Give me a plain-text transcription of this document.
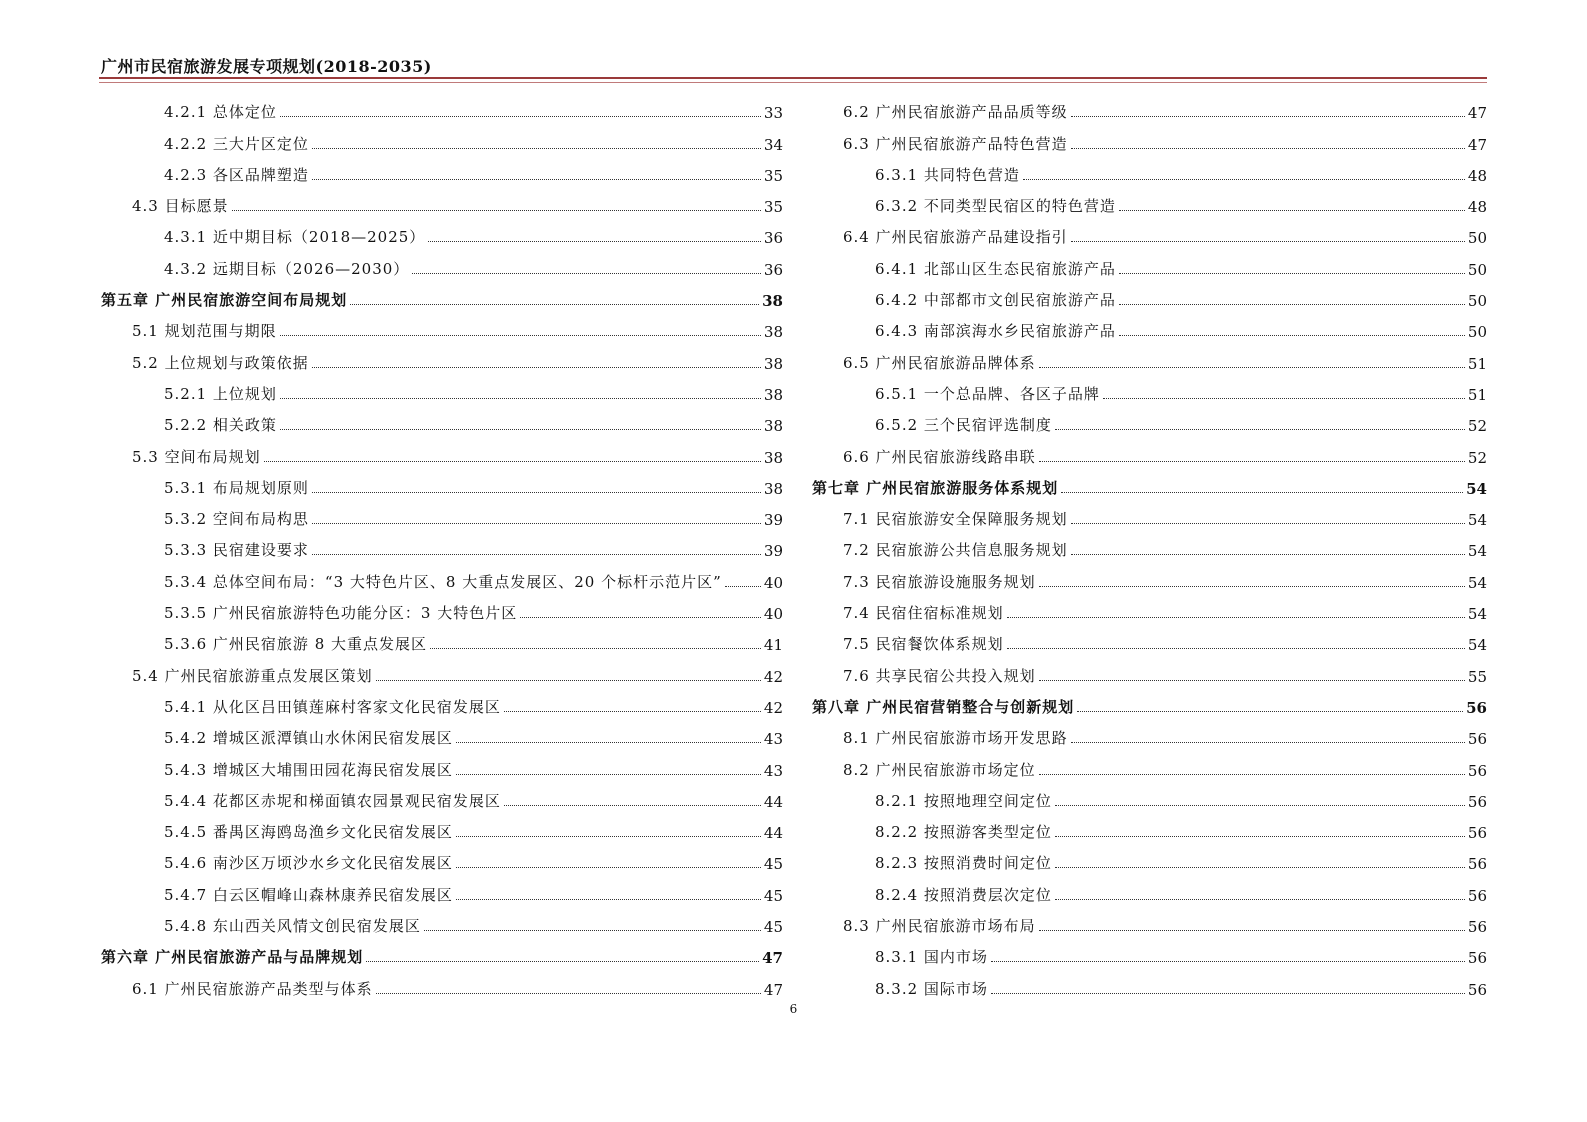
广州市民宿旅游发展专项规划(2018-2035)
4.2.1 总体定位	33
4.2.2 三大片区定位	34
4.2.3 各区品牌塑造	35
4.3 目标愿景	35
4.3.1 近中期目标（2018—2025）	36
4.3.2 远期目标（2026—2030）	36
第五章 广州民宿旅游空间布局规划	38
5.1 规划范围与期限	38
5.2 上位规划与政策依据	38
5.2.1 上位规划	38
5.2.2 相关政策	38
5.3 空间布局规划	38
5.3.1 布局规划原则	38
5.3.2 空间布局构思	39
5.3.3 民宿建设要求	39
5.3.4 总体空间布局：“3 大特色片区、8 大重点发展区、20 个标杆示范片区”	40
5.3.5 广州民宿旅游特色功能分区：3 大特色片区	40
5.3.6 广州民宿旅游 8 大重点发展区	41
5.4 广州民宿旅游重点发展区策划	42
5.4.1 从化区吕田镇莲麻村客家文化民宿发展区	42
5.4.2 增城区派潭镇山水休闲民宿发展区	43
5.4.3 增城区大埔围田园花海民宿发展区	43
5.4.4 花都区赤坭和梯面镇农园景观民宿发展区	44
5.4.5 番禺区海鸥岛渔乡文化民宿发展区	44
5.4.6 南沙区万顷沙水乡文化民宿发展区	45
5.4.7 白云区帽峰山森林康养民宿发展区	45
5.4.8 东山西关风情文创民宿发展区	45
第六章 广州民宿旅游产品与品牌规划	47
6.1 广州民宿旅游产品类型与体系	47
6.2 广州民宿旅游产品品质等级	47
6.3 广州民宿旅游产品特色营造	47
6.3.1 共同特色营造	48
6.3.2 不同类型民宿区的特色营造	48
6.4 广州民宿旅游产品建设指引	50
6.4.1 北部山区生态民宿旅游产品	50
6.4.2 中部都市文创民宿旅游产品	50
6.4.3 南部滨海水乡民宿旅游产品	50
6.5 广州民宿旅游品牌体系	51
6.5.1 一个总品牌、各区子品牌	51
6.5.2 三个民宿评选制度	52
6.6 广州民宿旅游线路串联	52
第七章 广州民宿旅游服务体系规划	54
7.1 民宿旅游安全保障服务规划	54
7.2 民宿旅游公共信息服务规划	54
7.3 民宿旅游设施服务规划	54
7.4 民宿住宿标准规划	54
7.5 民宿餐饮体系规划	54
7.6 共享民宿公共投入规划	55
第八章 广州民宿营销整合与创新规划	56
8.1 广州民宿旅游市场开发思路	56
8.2 广州民宿旅游市场定位	56
8.2.1 按照地理空间定位	56
8.2.2 按照游客类型定位	56
8.2.3 按照消费时间定位	56
8.2.4 按照消费层次定位	56
8.3 广州民宿旅游市场布局	56
8.3.1 国内市场	56
8.3.2 国际市场	56
6
